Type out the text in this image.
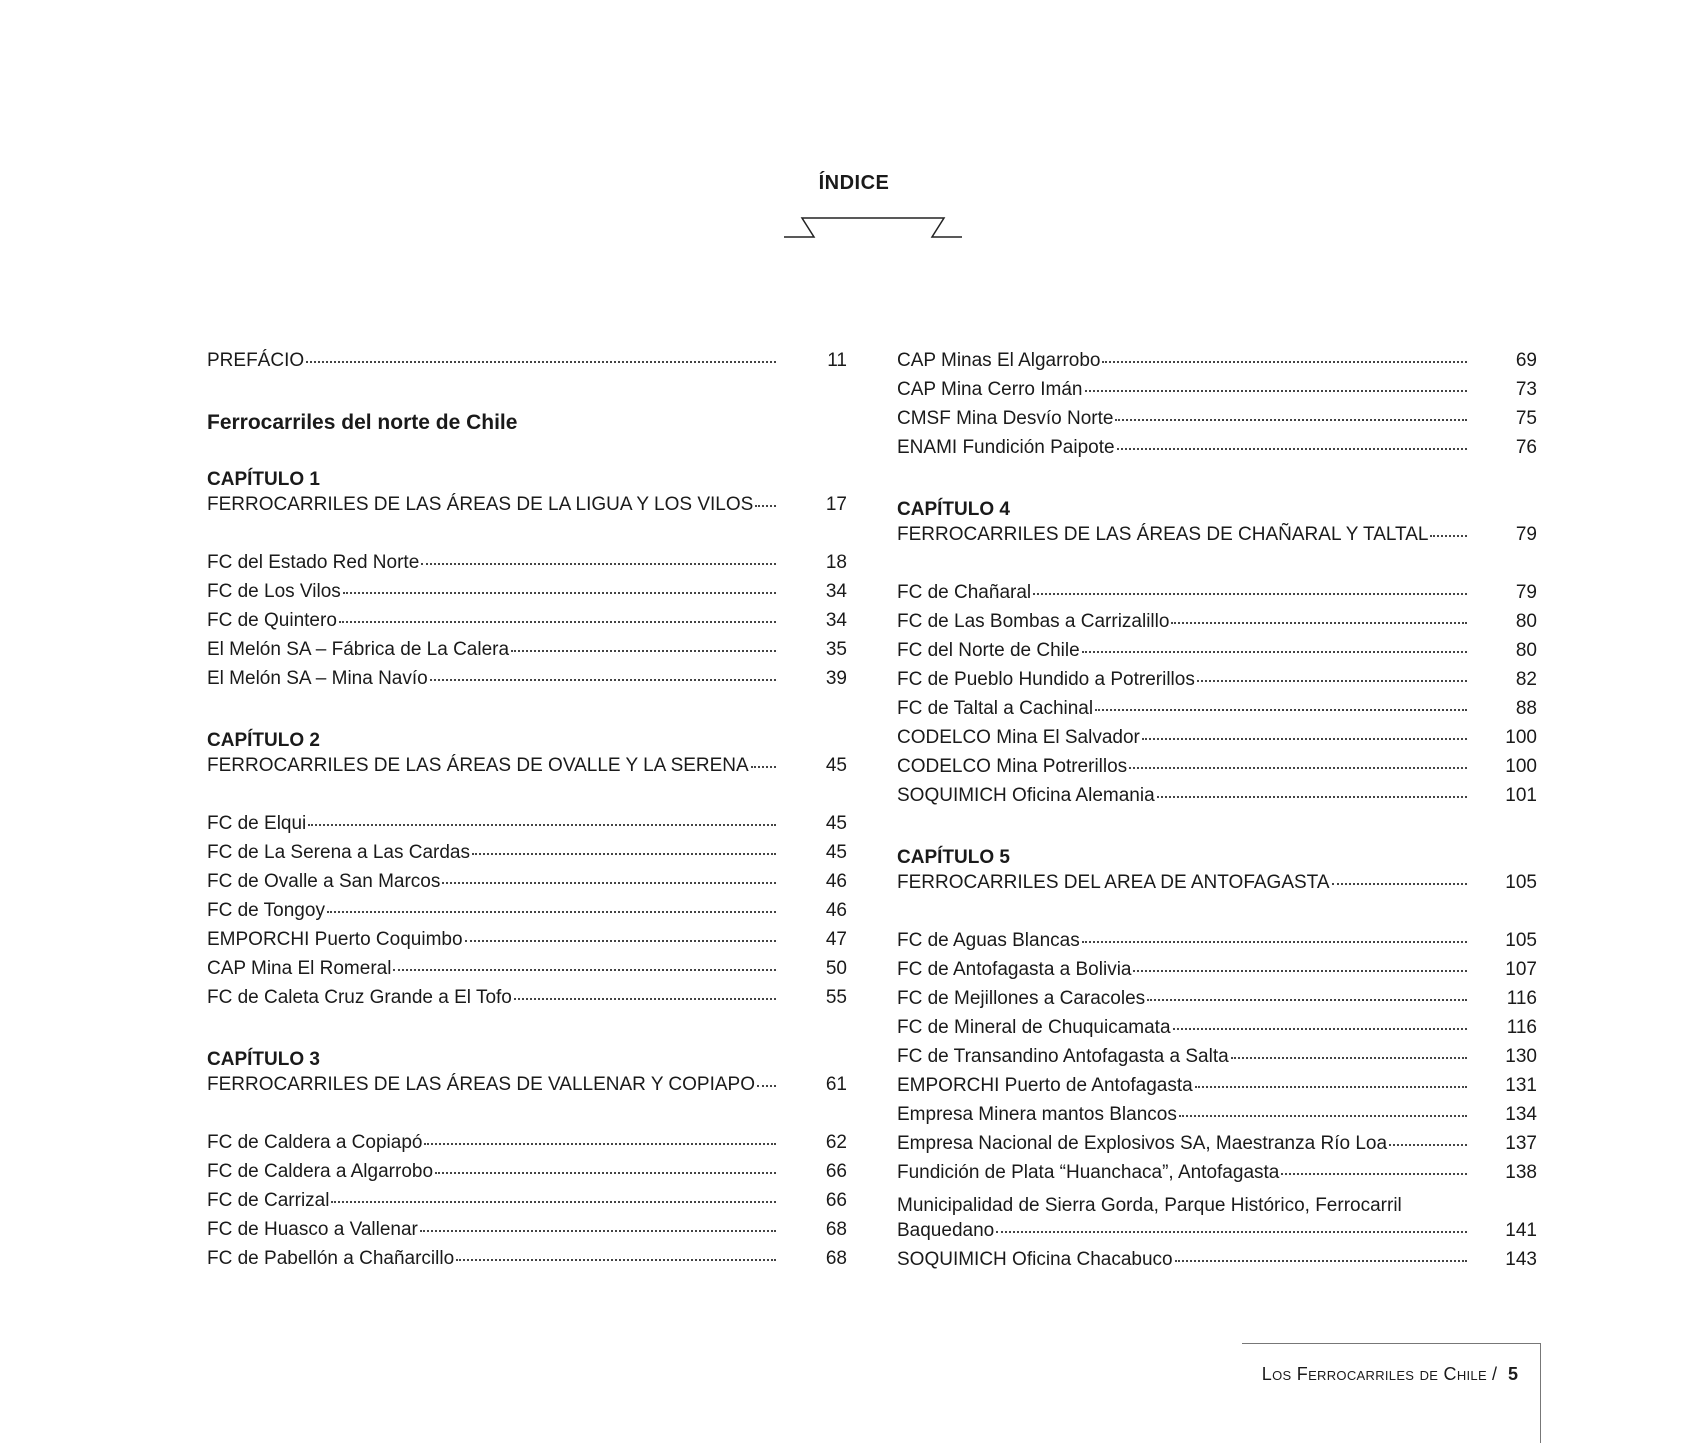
ÍNDICE
PREFÁCIO	11
Ferrocarriles del norte de Chile
CAPÍTULO 1
FERROCARRILES DE LAS ÁREAS DE LA LIGUA Y LOS VILOS	17
FC del Estado Red Norte	18
FC de Los Vilos	34
FC de Quintero	34
El Melón SA – Fábrica de La Calera	35
El Melón SA – Mina Navío	39
CAPÍTULO 2
FERROCARRILES DE LAS ÁREAS DE OVALLE Y LA SERENA	45
FC de Elqui	45
FC de La Serena a Las Cardas	45
FC de Ovalle a San Marcos	46
FC de Tongoy	46
EMPORCHI Puerto Coquimbo	47
CAP Mina El Romeral	50
FC de Caleta Cruz Grande a El Tofo	55
CAPÍTULO 3
FERROCARRILES DE LAS ÁREAS DE VALLENAR Y COPIAPO	61
FC de Caldera a Copiapó	62
FC de Caldera a Algarrobo	66
FC de Carrizal	66
FC de Huasco a Vallenar	68
FC de Pabellón a Chañarcillo	68
CAP Minas El Algarrobo	69
CAP Mina Cerro Imán	73
CMSF Mina Desvío Norte	75
ENAMI Fundición Paipote	76
CAPÍTULO 4
FERROCARRILES DE LAS ÁREAS DE CHAÑARAL Y TALTAL	79
FC de Chañaral	79
FC de Las Bombas a Carrizalillo	80
FC del Norte de Chile	80
FC de Pueblo Hundido a Potrerillos	82
FC de Taltal a Cachinal	88
CODELCO Mina El Salvador	100
CODELCO Mina Potrerillos	100
SOQUIMICH Oficina Alemania	101
CAPÍTULO 5
FERROCARRILES DEL AREA DE ANTOFAGASTA	105
FC de Aguas Blancas	105
FC de Antofagasta a Bolivia	107
FC de Mejillones a Caracoles	116
FC de Mineral de Chuquicamata	116
FC de Transandino Antofagasta a Salta	130
EMPORCHI Puerto de Antofagasta	131
Empresa Minera mantos Blancos	134
Empresa Nacional de Explosivos SA, Maestranza Río Loa	137
Fundición de Plata “Huanchaca”, Antofagasta	138
Municipalidad de Sierra Gorda, Parque Histórico, Ferrocarril
Baquedano	141
SOQUIMICH Oficina Chacabuco	143
Los Ferrocarriles de Chile / 5
